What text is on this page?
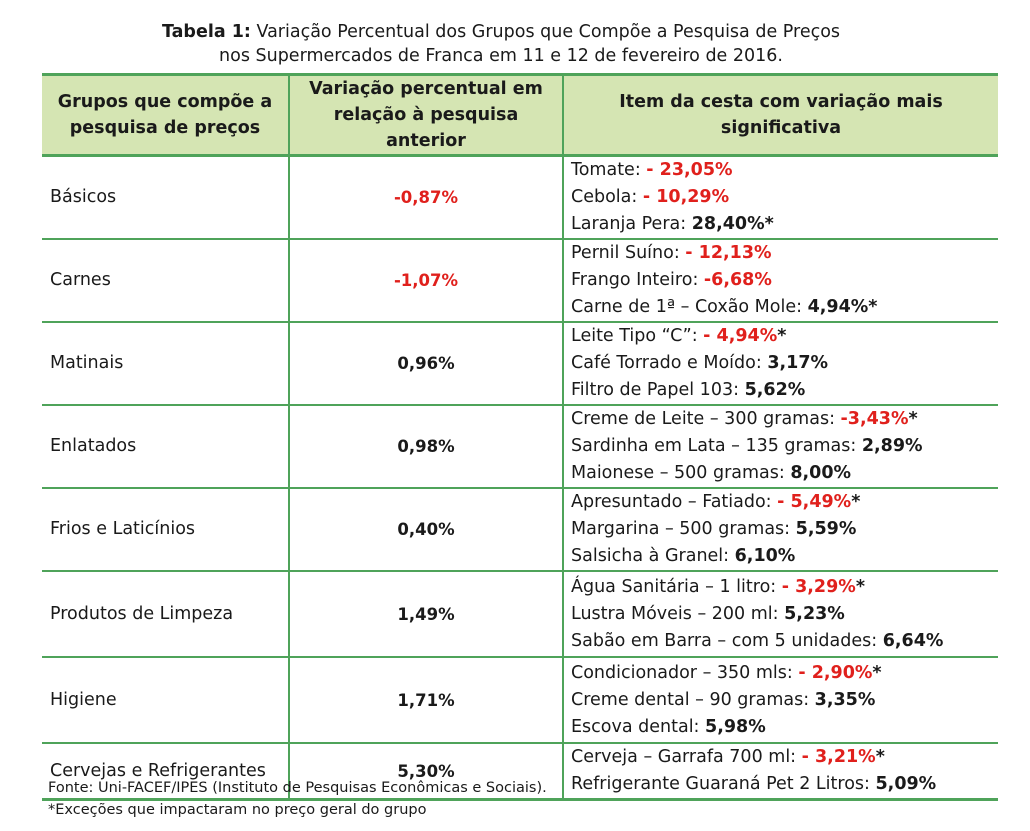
Tabela 1: Variação Percentual dos Grupos que Compõe a Pesquisa de Preços
nos Supermercados de Franca em 11 e 12 de fevereiro de 2016.
Grupos que compõe a pesquisa de preços	Variação percentual em relação à pesquisa anterior	Item da cesta com variação mais significativa
Básicos	-0,87%	Tomate: - 23,05%
Cebola: - 10,29%
Laranja Pera: 28,40%*

Carnes	-1,07%	Pernil Suíno: - 12,13%
Frango Inteiro: -6,68%
Carne de 1ª – Coxão Mole: 4,94%*

Matinais	0,96%	Leite Tipo “C”: - 4,94%*
Café Torrado e Moído: 3,17%
Filtro de Papel 103: 5,62%

Enlatados	0,98%	Creme de Leite – 300 gramas: -3,43%*
Sardinha em Lata – 135 gramas: 2,89%
Maionese – 500 gramas: 8,00%

Frios e Laticínios	0,40%	Apresuntado – Fatiado: - 5,49%*
Margarina – 500 gramas: 5,59%
Salsicha à Granel: 6,10%

Produtos de Limpeza	1,49%	Água Sanitária – 1 litro: - 3,29%*
Lustra Móveis – 200 ml: 5,23%
Sabão em Barra – com 5 unidades: 6,64%

Higiene	1,71%	Condicionador – 350 mls: - 2,90%*
Creme dental – 90 gramas: 3,35%
Escova dental: 5,98%

Cervejas e Refrigerantes	5,30%	Cerveja – Garrafa 700 ml: - 3,21%*
Refrigerante Guaraná Pet 2 Litros: 5,09%
Fonte: Uni-FACEF/IPES (Instituto de Pesquisas Econômicas e Sociais).
*Exceções que impactaram no preço geral do grupo
